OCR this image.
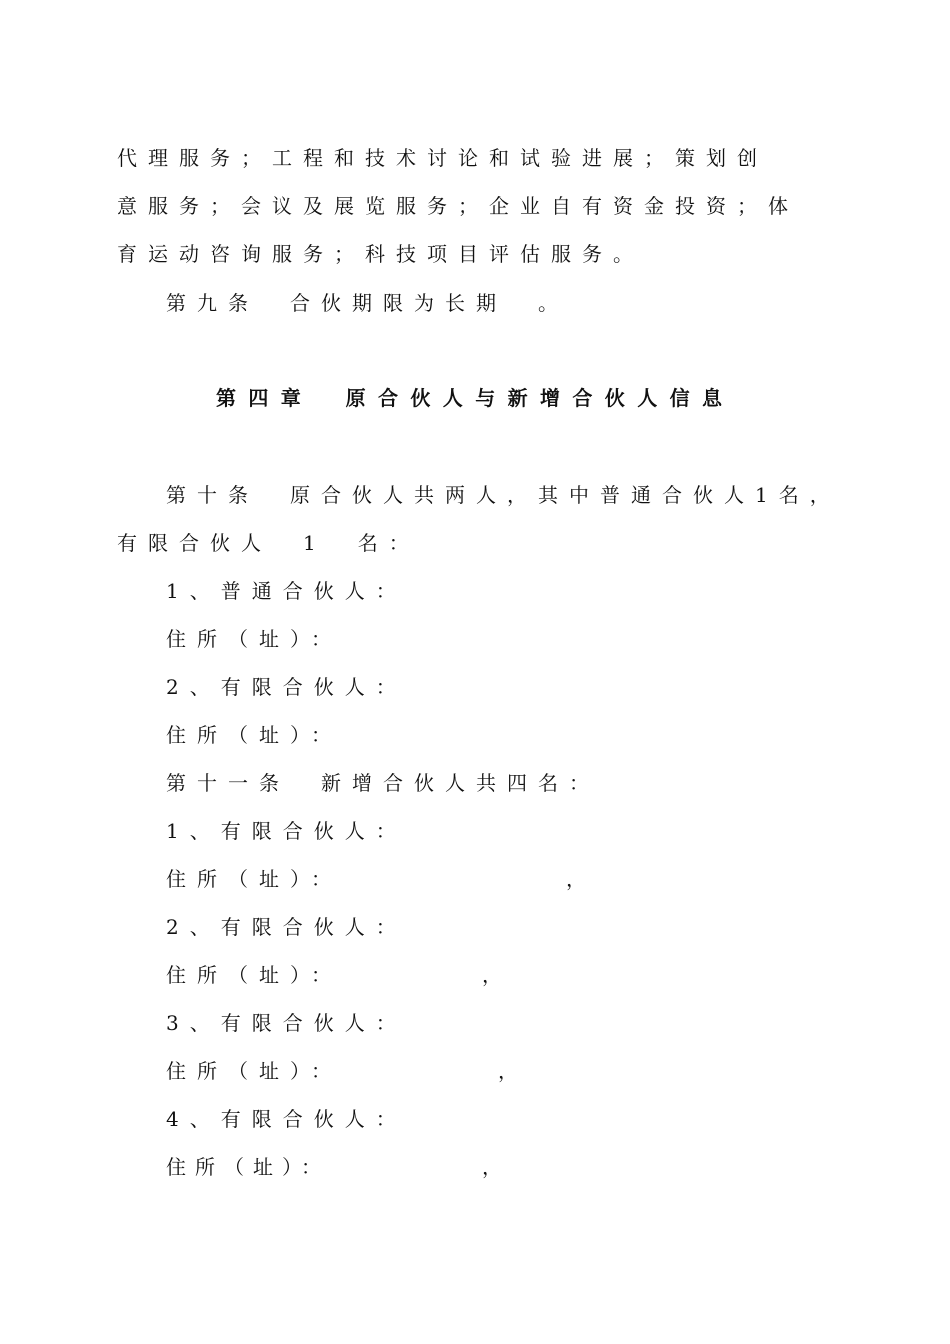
代理服务；工程和技术讨论和试验进展；策划创
意服务；会议及展览服务；企业自有资金投资；体
育运动咨询服务；科技项目评估服务。
第九条　合伙期限为长期　。
第四章　原合伙人与新增合伙人信息
第十条　原合伙人共两人，其中普通合伙人1名，
有限合伙人　1　名：
1、普通合伙人：
住所（址）：
2、有限合伙人：
住所（址）：
第十一条　新增合伙人共四名：
1、有限合伙人：
住所（址）：	，
2、有限合伙人：
住所（址）：	，
3、有限合伙人：
住所（址）：	，
4、有限合伙人：
住所（址）：	，
